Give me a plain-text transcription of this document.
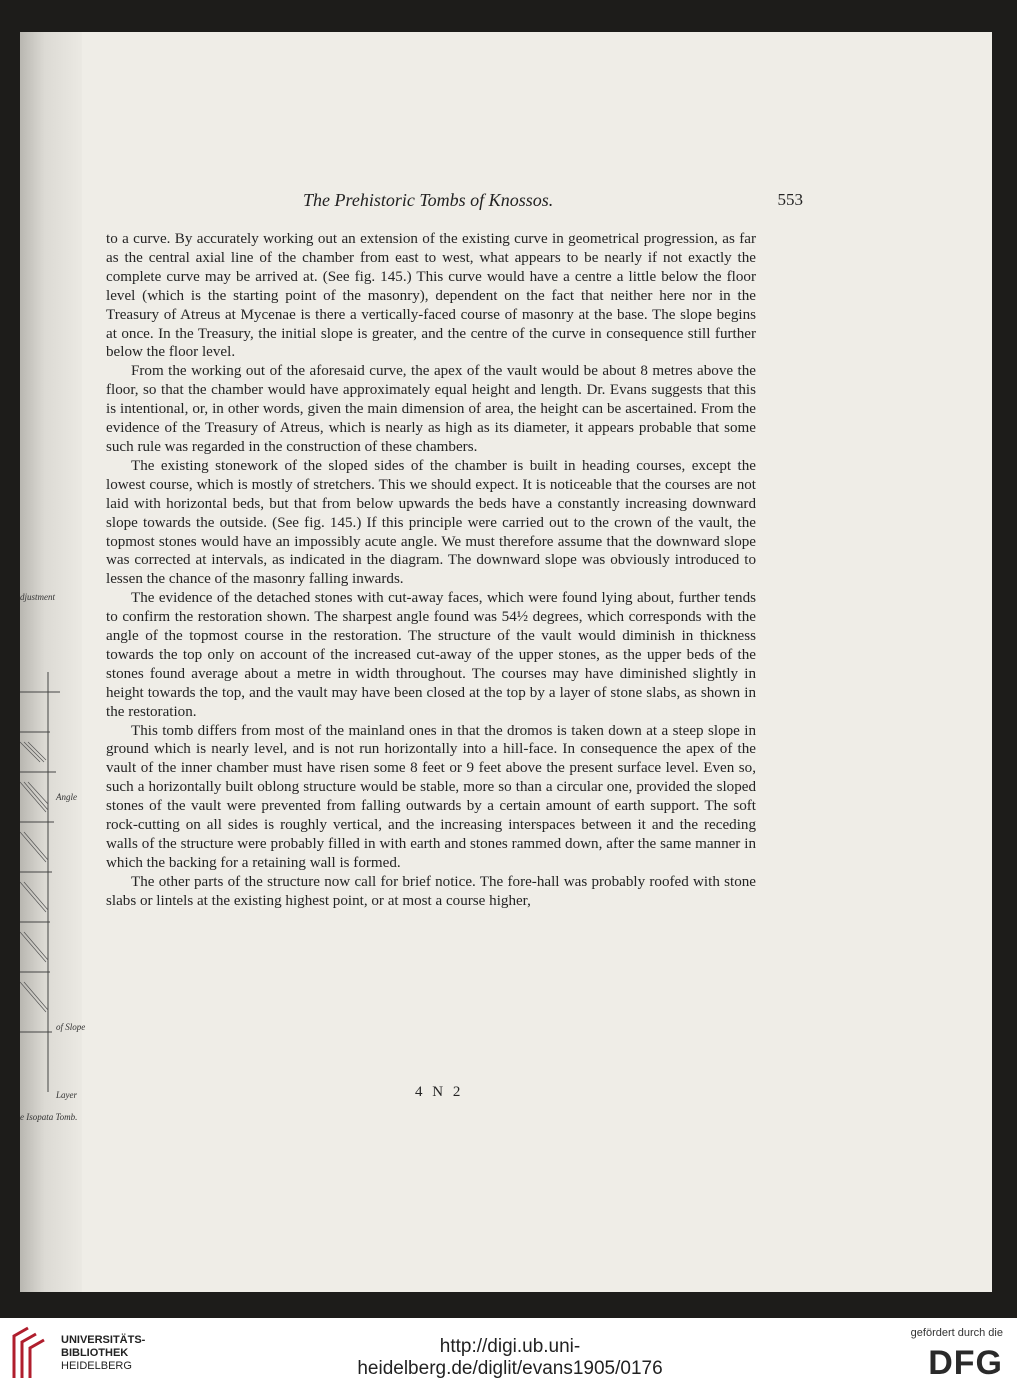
djustment
Angle
of Slope
Layer
e Isopata Tomb.
The Prehistoric Tombs of Knossos.	553

to a curve. By accurately working out an extension of the existing curve in geometrical progression, as far as the central axial line of the chamber from east to west, what appears to be nearly if not exactly the complete curve may be arrived at. (See fig. 145.) This curve would have a centre a little below the floor level (which is the starting point of the masonry), dependent on the fact that neither here nor in the Treasury of Atreus at Mycenae is there a vertically-faced course of masonry at the base. The slope begins at once. In the Treasury, the initial slope is greater, and the centre of the curve in consequence still further below the floor level.

From the working out of the aforesaid curve, the apex of the vault would be about 8 metres above the floor, so that the chamber would have approximately equal height and length. Dr. Evans suggests that this is intentional, or, in other words, given the main dimension of area, the height can be ascertained. From the evidence of the Treasury of Atreus, which is nearly as high as its diameter, it appears probable that some such rule was regarded in the construction of these chambers.

The existing stonework of the sloped sides of the chamber is built in heading courses, except the lowest course, which is mostly of stretchers. This we should expect. It is noticeable that the courses are not laid with horizontal beds, but that from below upwards the beds have a constantly increasing downward slope towards the outside. (See fig. 145.) If this principle were carried out to the crown of the vault, the topmost stones would have an impossibly acute angle. We must therefore assume that the downward slope was corrected at intervals, as indicated in the diagram. The downward slope was obviously introduced to lessen the chance of the masonry falling inwards.

The evidence of the detached stones with cut-away faces, which were found lying about, further tends to confirm the restoration shown. The sharpest angle found was 54½ degrees, which corresponds with the angle of the topmost course in the restoration. The structure of the vault would diminish in thickness towards the top only on account of the increased cut-away of the upper stones, as the upper beds of the stones found average about a metre in width throughout. The courses may have diminished slightly in height towards the top, and the vault may have been closed at the top by a layer of stone slabs, as shown in the restoration.

This tomb differs from most of the mainland ones in that the dromos is taken down at a steep slope in ground which is nearly level, and is not run horizontally into a hill-face. In consequence the apex of the vault of the inner chamber must have risen some 8 feet or 9 feet above the present surface level. Even so, such a horizontally built oblong structure would be stable, more so than a circular one, provided the sloped stones of the vault were prevented from falling outwards by a certain amount of earth support. The soft rock-cutting on all sides is roughly vertical, and the increasing interspaces between it and the receding walls of the structure were probably filled in with earth and stones rammed down, after the same manner in which the backing for a retaining wall is formed.

The other parts of the structure now call for brief notice. The fore-hall was probably roofed with stone slabs or lintels at the existing highest point, or at most a course higher,

4 N 2
UNIVERSITÄTS-
BIBLIOTHEK
HEIDELBERG
http://digi.ub.uni-heidelberg.de/diglit/evans1905/0176
gefördert durch die
DFG
